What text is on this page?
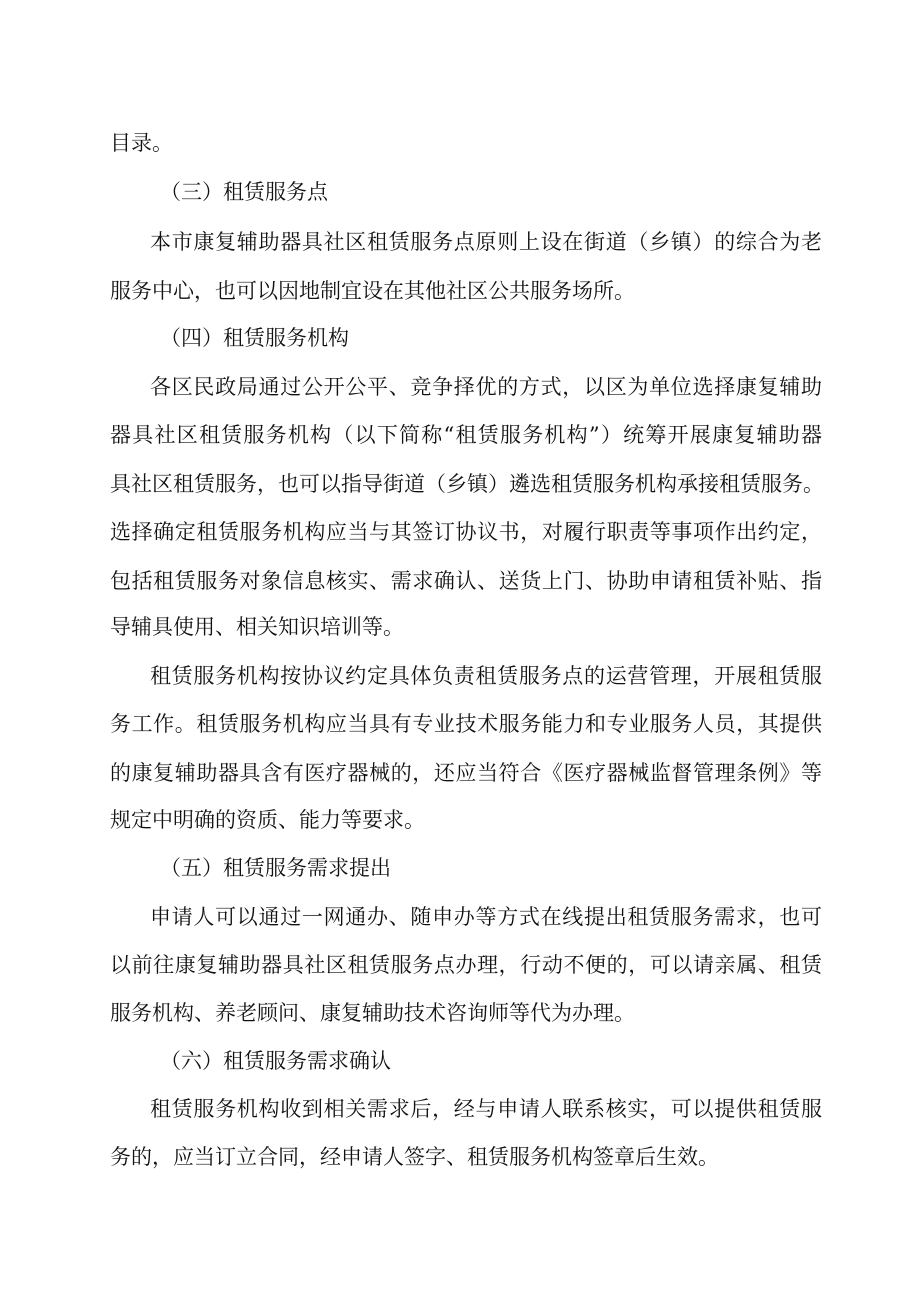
目录。
（三）租赁服务点
本市康复辅助器具社区租赁服务点原则上设在街道（乡镇）的综合为老
服务中心，也可以因地制宜设在其他社区公共服务场所。
（四）租赁服务机构
各区民政局通过公开公平、竞争择优的方式，以区为单位选择康复辅助
器具社区租赁服务机构（以下简称“租赁服务机构”）统筹开展康复辅助器
具社区租赁服务，也可以指导街道（乡镇）遴选租赁服务机构承接租赁服务。
选择确定租赁服务机构应当与其签订协议书，对履行职责等事项作出约定，
包括租赁服务对象信息核实、需求确认、送货上门、协助申请租赁补贴、指
导辅具使用、相关知识培训等。
租赁服务机构按协议约定具体负责租赁服务点的运营管理，开展租赁服
务工作。租赁服务机构应当具有专业技术服务能力和专业服务人员，其提供
的康复辅助器具含有医疗器械的，还应当符合《医疗器械监督管理条例》等
规定中明确的资质、能力等要求。
（五）租赁服务需求提出
申请人可以通过一网通办、随申办等方式在线提出租赁服务需求，也可
以前往康复辅助器具社区租赁服务点办理，行动不便的，可以请亲属、租赁
服务机构、养老顾问、康复辅助技术咨询师等代为办理。
（六）租赁服务需求确认
租赁服务机构收到相关需求后，经与申请人联系核实，可以提供租赁服
务的，应当订立合同，经申请人签字、租赁服务机构签章后生效。
